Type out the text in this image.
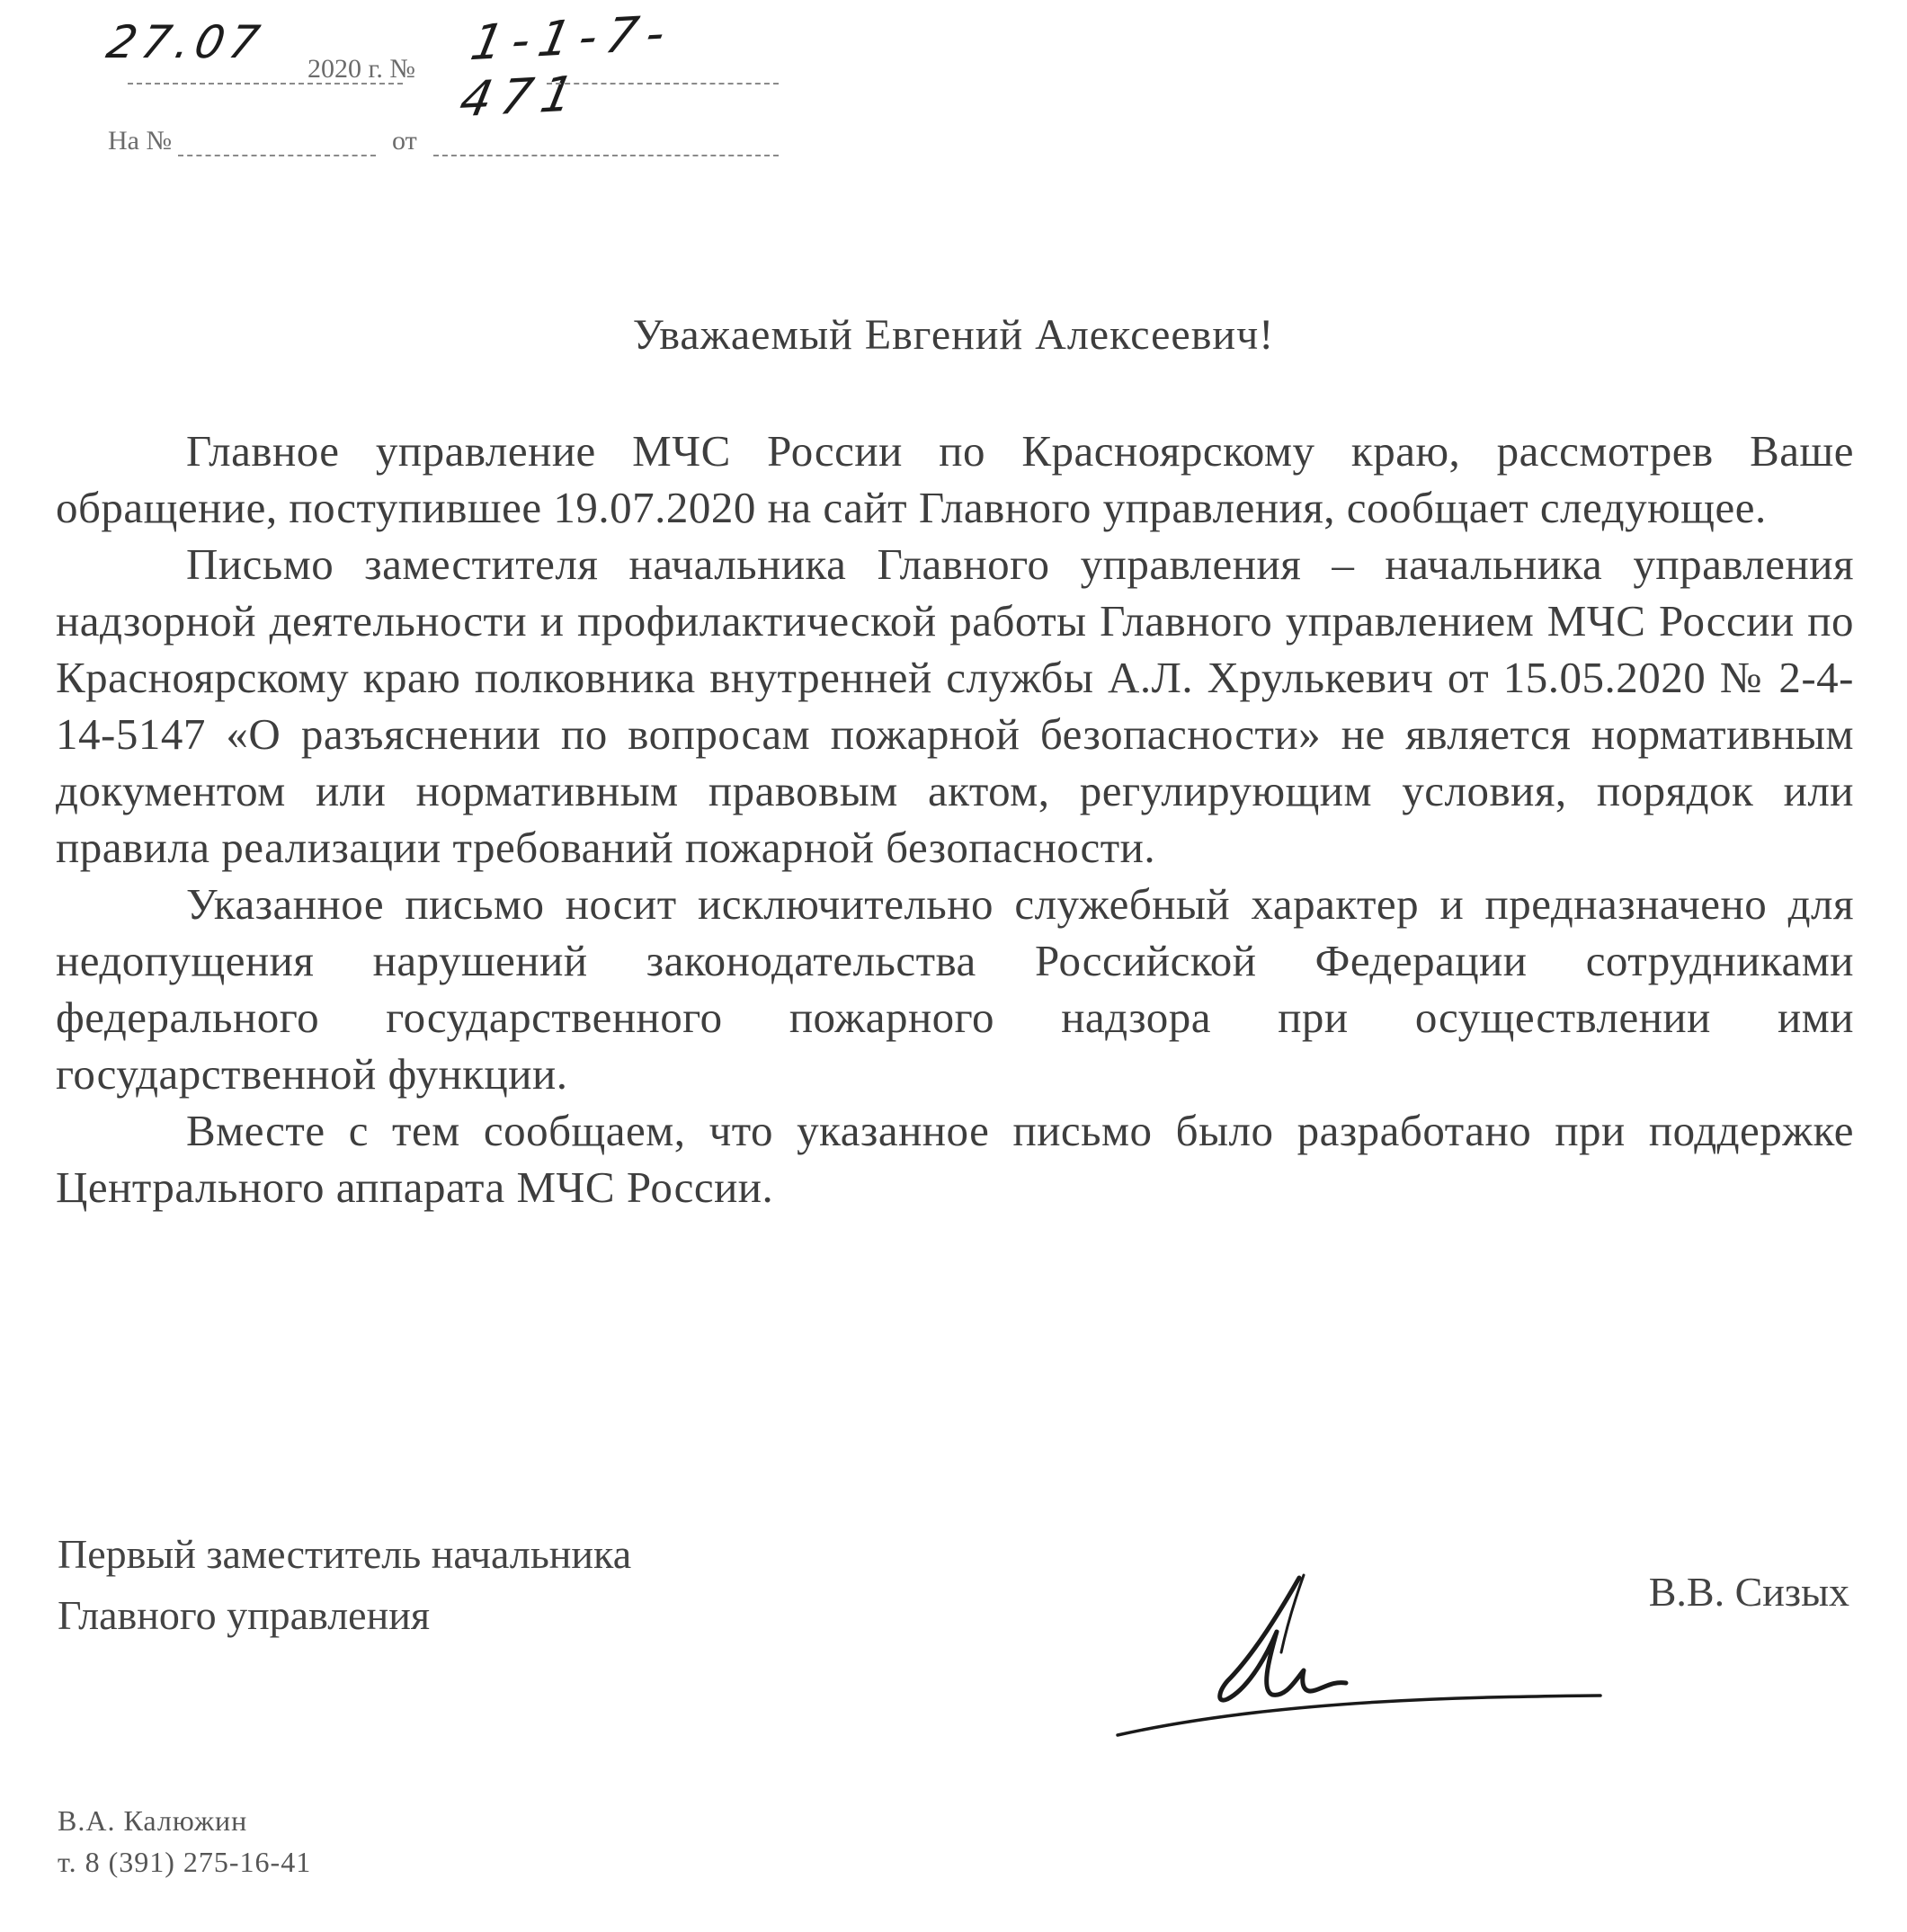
27.07
2020 г. № 1-1-7-471
На №	от
Уважаемый Евгений Алексеевич!

Главное управление МЧС России по Красноярскому краю, рассмотрев Ваше обращение, поступившее 19.07.2020 на сайт Главного управления, сообщает следующее.

Письмо заместителя начальника Главного управления – начальника управления надзорной деятельности и профилактической работы Главного управлением МЧС России по Красноярскому краю полковника внутренней службы А.Л. Хрулькевич от 15.05.2020 № 2-4-14-5147 «О разъяснении по вопросам пожарной безопасности» не является нормативным документом или нормативным правовым актом, регулирующим условия, порядок или правила реализации требований пожарной безопасности.

Указанное письмо носит исключительно служебный характер и предназначено для недопущения нарушений законодательства Российской Федерации сотрудниками федерального государственного пожарного надзора при осуществлении ими государственной функции.

Вместе с тем сообщаем, что указанное письмо было разработано при поддержке Центрального аппарата МЧС России.

Первый заместитель начальника
Главного управления
В.В. Сизых
В.А. Калюжин
т. 8 (391) 275-16-41
